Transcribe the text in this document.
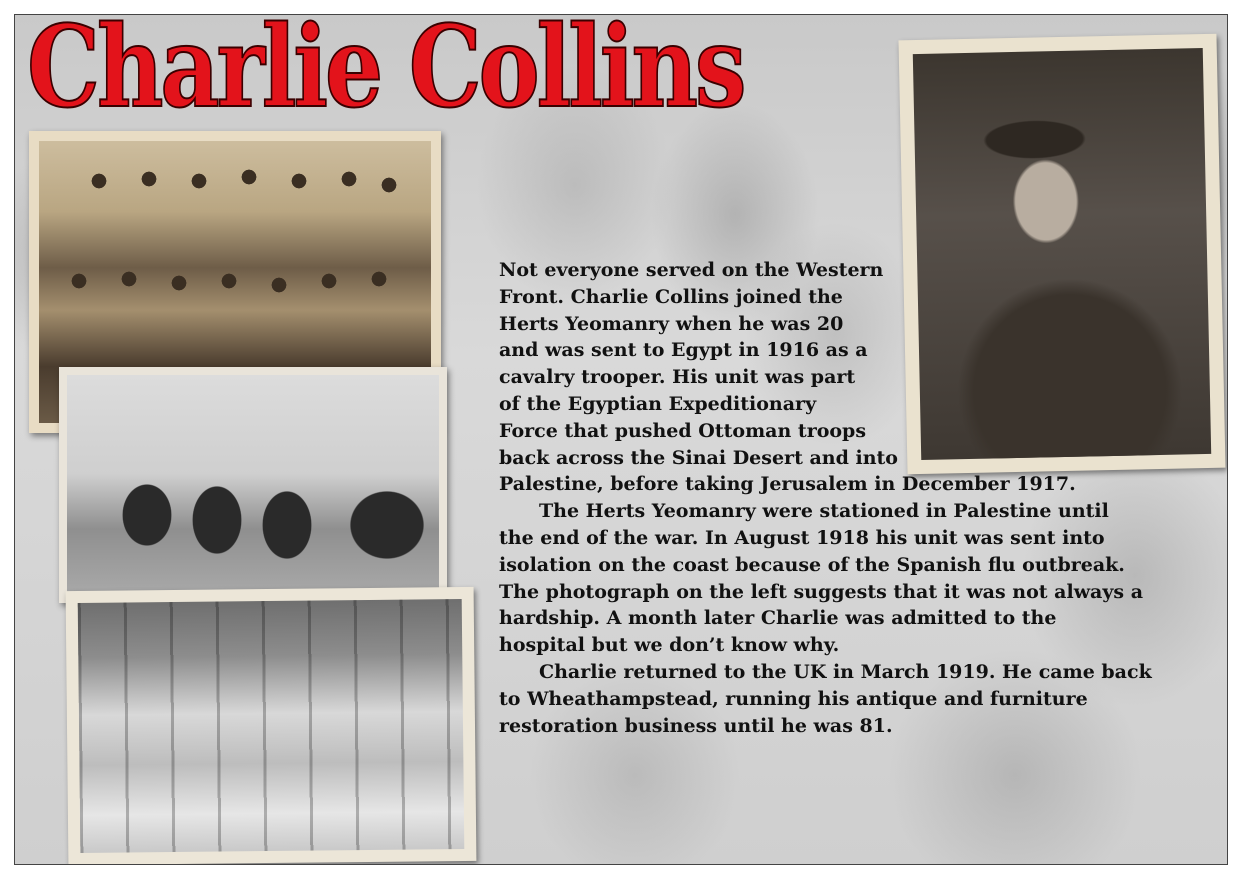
Charlie Collins

Not everyone served on the Western
Front. Charlie Collins joined the
Herts Yeomanry when he was 20
and was sent to Egypt in 1916 as a
cavalry trooper. His unit was part
of the Egyptian Expeditionary
Force that pushed Ottoman troops
back across the Sinai Desert and into
Palestine, before taking Jerusalem in December 1917.

The Herts Yeomanry were stationed in Palestine until
the end of the war. In August 1918 his unit was sent into
isolation on the coast because of the Spanish flu outbreak.
The photograph on the left suggests that it was not always a
hardship. A month later Charlie was admitted to the
hospital but we don’t know why.

Charlie returned to the UK in March 1919. He came back
to Wheathampstead, running his antique and furniture
restoration business until he was 81.
